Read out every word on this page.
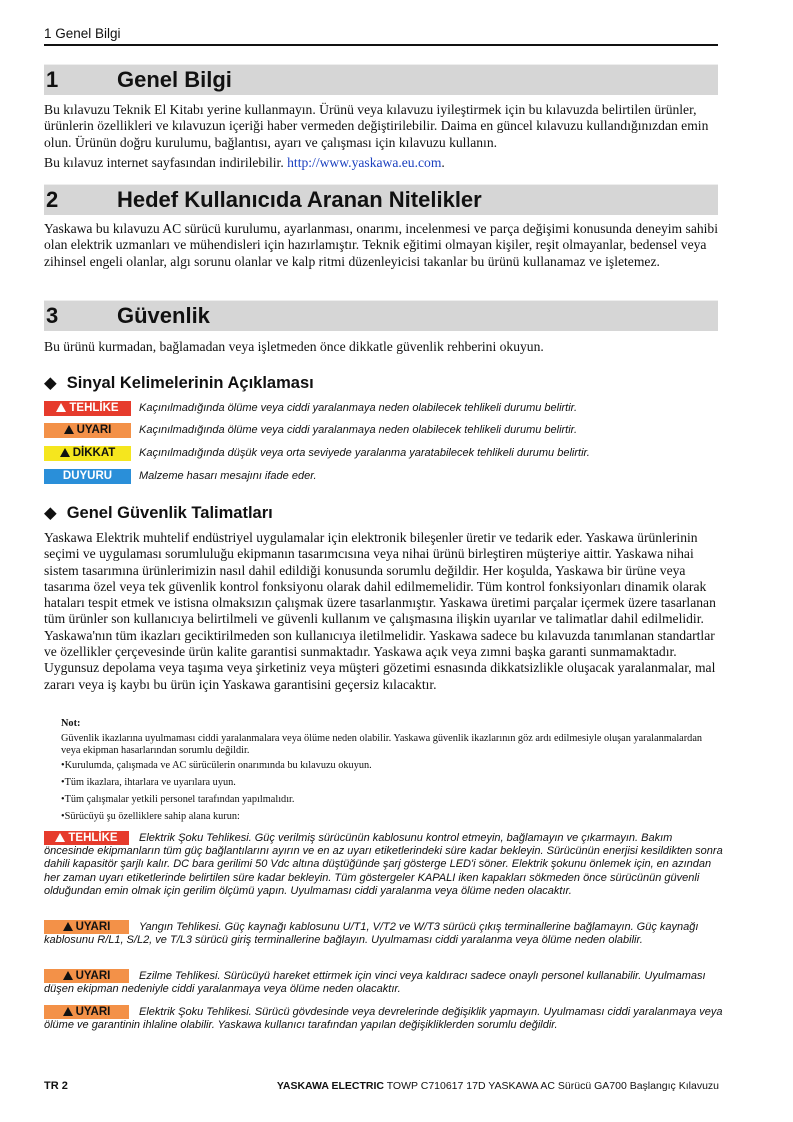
1 Genel Bilgi
1	Genel Bilgi
Bu kılavuzu Teknik El Kitabı yerine kullanmayın. Ürünü veya kılavuzu iyileştirmek için bu kılavuzda belirtilen ürünler, ürünlerin özellikleri ve kılavuzun içeriği haber vermeden değiştirilebilir. Daima en güncel kılavuzu kullandığınızdan emin olun. Ürünün doğru kurulumu, bağlantısı, ayarı ve çalışması için kılavuzu kullanın.
Bu kılavuz internet sayfasından indirilebilir. http://www.yaskawa.eu.com.
2	Hedef Kullanıcıda Aranan Nitelikler
Yaskawa bu kılavuzu AC sürücü kurulumu, ayarlanması, onarımı, incelenmesi ve parça değişimi konusunda deneyim sahibi olan elektrik uzmanları ve mühendisleri için hazırlamıştır. Teknik eğitimi olmayan kişiler, reşit olmayanlar, bedensel veya zihinsel engeli olanlar, algı sorunu olanlar ve kalp ritmi düzenleyicisi takanlar bu ürünü kullanamaz ve işletemez.
3	Güvenlik
Bu ürünü kurmadan, bağlamadan veya işletmeden önce dikkatle güvenlik rehberini okuyun.
◆ Sinyal Kelimelerinin Açıklaması
TEHLİKE	Kaçınılmadığında ölüme veya ciddi yaralanmaya neden olabilecek tehlikeli durumu belirtir.
UYARI	Kaçınılmadığında ölüme veya ciddi yaralanmaya neden olabilecek tehlikeli durumu belirtir.
DİKKAT	Kaçınılmadığında düşük veya orta seviyede yaralanma yaratabilecek tehlikeli durumu belirtir.
DUYURU	Malzeme hasarı mesajını ifade eder.
◆ Genel Güvenlik Talimatları
Yaskawa Elektrik muhtelif endüstriyel uygulamalar için elektronik bileşenler üretir ve tedarik eder. Yaskawa ürünlerinin seçimi ve uygulaması sorumluluğu ekipmanın tasarımcısına veya nihai ürünü birleştiren müşteriye aittir. Yaskawa nihai sistem tasarımına ürünlerimizin nasıl dahil edildiği konusunda sorumlu değildir. Her koşulda, Yaskawa bir ürüne veya tasarıma özel veya tek güvenlik kontrol fonksiyonu olarak dahil edilmemelidir. Tüm kontrol fonksiyonları dinamik olarak hataları tespit etmek ve istisna olmaksızın çalışmak üzere tasarlanmıştır. Yaskawa üretimi parçalar içermek üzere tasarlanan tüm ürünler son kullanıcıya belirtilmeli ve güvenli kullanım ve çalışmasına ilişkin uyarılar ve talimatlar dahil edilmelidir. Yaskawa'nın tüm ikazları geciktirilmeden son kullanıcıya iletilmelidir. Yaskawa sadece bu kılavuzda tanımlanan standartlar ve özellikler çerçevesinde ürün kalite garantisi sunmaktadır. Yaskawa açık veya zımni başka garanti sunmamaktadır. Uygunsuz depolama veya taşıma veya şirketiniz veya müşteri gözetimi esnasında dikkatsizlikle oluşacak yaralanmalar, mal zararı veya iş kaybı bu ürün için Yaskawa garantisini geçersiz kılacaktır.
Not:
Güvenlik ikazlarına uyulmaması ciddi yaralanmalara veya ölüme neden olabilir. Yaskawa güvenlik ikazlarının göz ardı edilmesiyle oluşan yaralanmalardan veya ekipman hasarlarından sorumlu değildir.
•Kurulumda, çalışmada ve AC sürücülerin onarımında bu kılavuzu okuyun.
•Tüm ikazlara, ihtarlara ve uyarılara uyun.
•Tüm çalışmalar yetkili personel tarafından yapılmalıdır.
•Sürücüyü şu özelliklere sahip alana kurun:
TEHLİKE Elektrik Şoku Tehlikesi. Güç verilmiş sürücünün kablosunu kontrol etmeyin, bağlamayın ve çıkarmayın. Bakım öncesinde ekipmanların tüm güç bağlantılarını ayırın ve en az uyarı etiketlerindeki süre kadar bekleyin. Sürücünün enerjisi kesildikten sonra dahili kapasitör şarjlı kalır. DC bara gerilimi 50 Vdc altına düştüğünde şarj gösterge LED'i söner. Elektrik şokunu önlemek için, en azından her zaman uyarı etiketlerinde belirtilen süre kadar bekleyin. Tüm göstergeler KAPALI iken kapakları sökmeden önce sürücünün güvenli olduğundan emin olmak için gerilim ölçümü yapın. Uyulmaması ciddi yaralanma veya ölüme neden olacaktır.
UYARI	Yangın Tehlikesi. Güç kaynağı kablosunu U/T1, V/T2 ve W/T3 sürücü çıkış terminallerine bağlamayın. Güç kaynağı kablosunu R/L1, S/L2, ve T/L3 sürücü giriş terminallerine bağlayın. Uyulmaması ciddi yaralanma veya ölüme neden olabilir.
UYARI	Ezilme Tehlikesi. Sürücüyü hareket ettirmek için vinci veya kaldıracı sadece onaylı personel kullanabilir. Uyulmaması düşen ekipman nedeniyle ciddi yaralanmaya veya ölüme neden olacaktır.
UYARI	Elektrik Şoku Tehlikesi. Sürücü gövdesinde veya devrelerinde değişiklik yapmayın. Uyulmaması ciddi yaralanmaya veya ölüme ve garantinin ihlaline olabilir. Yaskawa kullanıcı tarafından yapılan değişikliklerden sorumlu değildir.
TR 2	YASKAWA ELECTRIC TOWP C710617 17D YASKAWA AC Sürücü GA700 Başlangıç Kılavuzu
